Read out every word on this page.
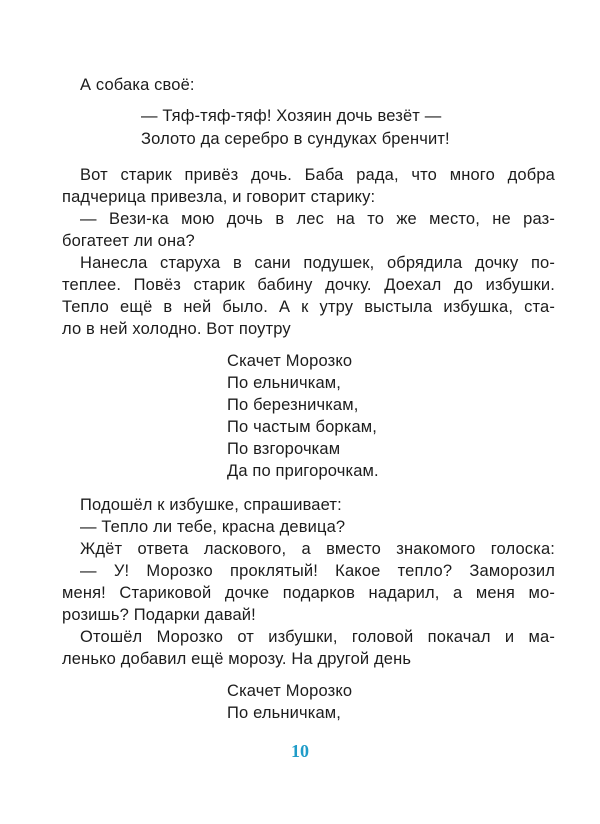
А собака своё:
— Тяф-тяф-тяф! Хозяин дочь везёт —
Золото да серебро в сундуках бренчит!
Вот старик привёз дочь. Баба рада, что много добра
падчерица привезла, и говорит старику:
— Вези-ка мою дочь в лес на то же место, не раз-
богатеет ли она?
Нанесла старуха в сани подушек, обрядила дочку по-
теплее. Повёз старик бабину дочку. Доехал до избушки.
Тепло ещё в ней было. А к утру выстыла избушка, ста-
ло в ней холодно. Вот поутру
Скачет Морозко
По ельничкам,
По березничкам,
По частым боркам,
По взгорочкам
Да по пригорочкам.
Подошёл к избушке, спрашивает:
— Тепло ли тебе, красна девица?
Ждёт ответа ласкового, а вместо знакомого голоска:
— У! Морозко проклятый! Какое тепло? Заморозил
меня! Стариковой дочке подарков надарил, а меня мо-
розишь? Подарки давай!
Отошёл Морозко от избушки, головой покачал и ма-
ленько добавил ещё морозу. На другой день
Скачет Морозко
По ельничкам,
10
